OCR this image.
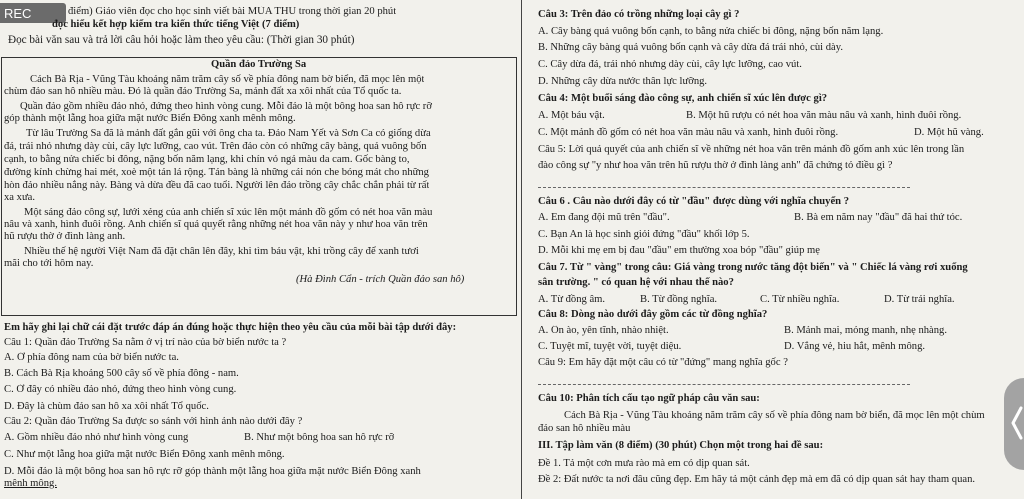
REC	điểm) Giáo viên đọc cho học sinh viết bài MÙA THU trong thời gian 20 phút
đọc hiểu kết hợp kiểm tra kiến thức tiếng Việt (7 điểm)
Đọc bài văn sau và trả lời câu hỏi hoặc làm theo yêu cầu: (Thời gian 30 phút)
Quần đảo Trường Sa
Cách Bà Rịa - Vũng Tàu khoảng năm trăm cây số về phía đông nam bờ biển, đã mọc lên một
chùm đảo san hô nhiều màu. Đó là quần đảo Trường Sa, mảnh đất xa xôi nhất của Tổ quốc ta.
Quần đảo gồm nhiều đảo nhỏ, đứng theo hình vòng cung. Mỗi đảo là một bông hoa san hô rực rỡ
góp thành một lẵng hoa giữa mặt nước Biển Đông xanh mênh mông.
Từ lâu Trường Sa đã là mảnh đất gắn gũi với ông cha ta. Đảo Nam Yết và Sơn Ca có giống dừa
đá, trái nhỏ nhưng dày cùi, cây lực lưỡng, cao vút. Trên đảo còn có những cây bàng, quả vuông bốn
cạnh, to bằng nửa chiếc bi đông, nặng bốn năm lạng, khi chín vỏ ngả màu da cam. Gốc bàng to,
đường kính chừng hai mét, xoè một tán lá rộng. Tán bàng là những cái nón che bóng mát cho những
hòn đảo nhiều nắng này. Bàng và dừa đều đã cao tuổi. Người lên đảo trồng cây chắc chắn phải từ rất
xa xưa.
Một sáng đảo công sự, lưới xẻng của anh chiến sĩ xúc lên một mảnh đồ gốm có nét hoa văn màu
nâu và xanh, hình đuôi rồng. Anh chiến sĩ quả quyết rằng những nét hoa văn này y như hoa văn trên
hũ rượu thờ ở đình làng anh.
Nhiều thế hệ người Việt Nam đã đặt chân lên đây, khi tìm báu vật, khi trồng cây để xanh tươi
mãi cho tới hôm nay.
(Hà Đình Cẩn - trích Quần đảo san hô)
Em hãy ghi lại chữ cái đặt trước đáp án đúng hoặc thực hiện theo yêu cầu của mỗi bài tập dưới đây:
Câu 1: Quần đảo Trường Sa nằm ở vị trí nào của bờ biển nước ta ?
A. Ở phía đông nam của bờ biển nước ta.
B. Cách Bà Rịa khoảng 500 cây số về phía đông - nam.
C. Ở đây có nhiều đảo nhỏ, đứng theo hình vòng cung.
D. Đây là chùm đảo san hô xa xôi nhất Tổ quốc.
Câu 2: Quần đảo Trường Sa được so sánh với hình ảnh nào dưới đây ?
A. Gồm nhiều đảo nhỏ như hình vòng cung	B. Như một bông hoa san hô rực rỡ
C. Như một lẵng hoa giữa mặt nước Biển Đông xanh mênh mông.
D. Mỗi đảo là một bông hoa san hô rực rỡ góp thành một lẵng hoa giữa mặt nước Biển Đông xanh
mênh mông.
Câu 3: Trên đảo có trồng những loại cây gì ?
A. Cây bàng quả vuông bốn cạnh, to bằng nửa chiếc bi đông, nặng bốn năm lạng.
B. Những cây bàng quả vuông bốn cạnh và cây dừa đá trái nhỏ, cùi dày.
C. Cây dừa đá, trái nhỏ nhưng dày cùi, cây lực lưỡng, cao vút.
D. Những cây dừa nước thân lực lưỡng.
Câu 4: Một buổi sáng đào công sự, anh chiến sĩ xúc lên được gì?
A. Một báu vật.	B. Một hũ rượu có nét hoa văn màu nâu và xanh, hình đuôi rồng.
C. Một mảnh đồ gốm có nét hoa văn màu nâu và xanh, hình đuôi rồng.	D. Một hũ vàng.
Câu 5: Lời quả quyết của anh chiến sĩ về những nét hoa văn trên mảnh đồ gốm anh xúc lên trong lần
đào công sự "y như hoa văn trên hũ rượu thờ ở đình làng anh" đã chứng tỏ điều gì ?
Câu 6 . Câu nào dưới đây có từ "đầu" được dùng với nghĩa chuyển ?
A. Em đang đội mũ trên "đầu".	B. Bà em năm nay "đầu" đã hai thứ tóc.
C. Bạn An là học sinh giỏi đứng "đầu" khối lớp 5.
D. Mỗi khi mẹ em bị đau "đầu" em thường xoa bóp "đầu" giúp mẹ
Câu 7. Từ " vàng" trong câu: Giá vàng trong nước tăng đột biến" và " Chiếc lá vàng rơi xuống
sân trường. " có quan hệ với nhau thế nào?
A. Từ đồng âm.	B. Từ đồng nghĩa.	C. Từ nhiều nghĩa.	D. Từ trái nghĩa.
Câu 8: Dòng nào dưới đây gồm các từ đồng nghĩa?
A. Ồn ào, yên tĩnh, nhào nhiệt.	B. Mảnh mai, mỏng manh, nhẹ nhàng.
C. Tuyệt mĩ, tuyệt vời, tuyệt diệu.	D. Vắng vẻ, hiu hắt, mênh mông.
Câu 9: Em hãy đặt một câu có từ "đứng" mang nghĩa gốc ?
Câu 10: Phân tích cấu tạo ngữ pháp câu văn sau:
Cách Bà Rịa - Vũng Tàu khoảng năm trăm cây số về phía đông nam bờ biển, đã mọc lên một chùm
đảo san hô nhiều màu
III. Tập làm văn (8 điểm) (30 phút) Chọn một trong hai đề sau:
Đề 1. Tả một cơn mưa rào mà em có dịp quan sát.
Đề 2: Đất nước ta nơi đâu cũng đẹp. Em hãy tả một cảnh đẹp mà em đã có dịp quan sát hay tham quan.
